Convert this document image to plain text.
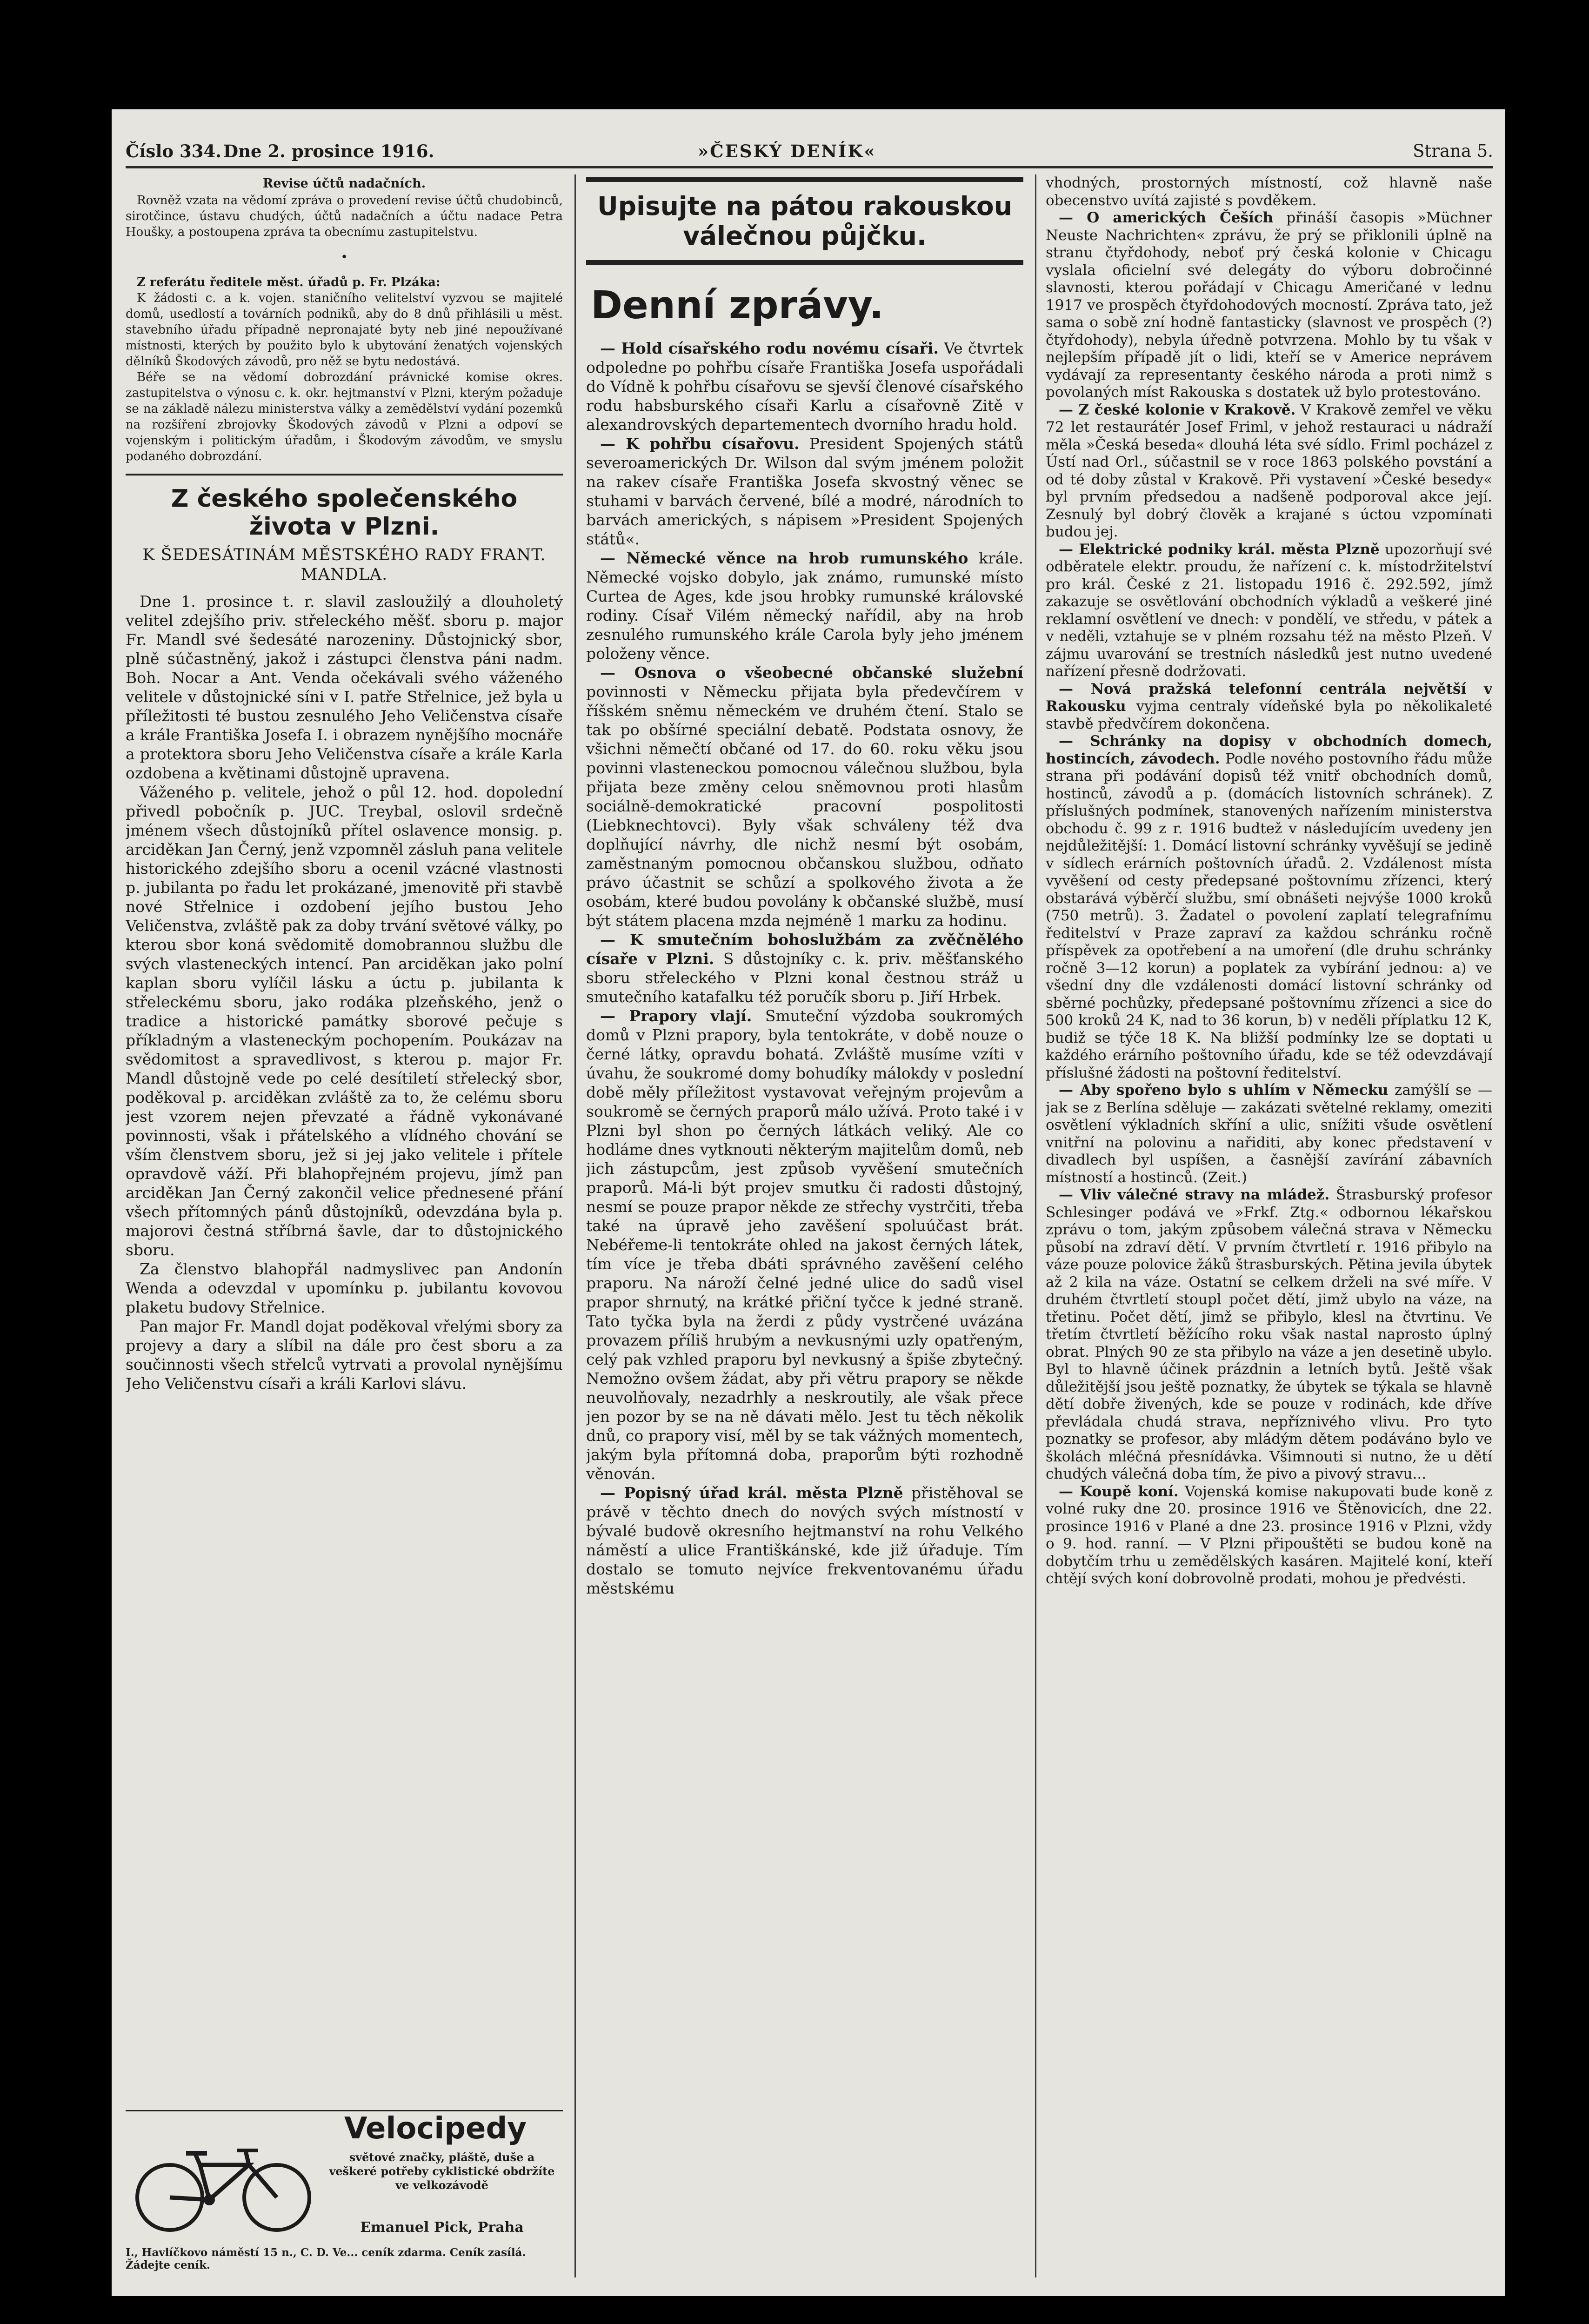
Číslo 334. Dne 2. prosince 1916.	»ČESKÝ DENÍK«	Strana 5.

Revise účtů nadačních.

Rovněž vzata na vědomí zpráva o provedení revise účtů chudobinců, sirotčince, ústavu chudých, účtů nadačních a účtu nadace Petra Houšky, a postoupena zpráva ta obecnímu zastupitelstvu.

•

Z referátu ředitele měst. úřadů p. Fr. Plzáka:

K žádosti c. a k. vojen. staničního velitelství vyzvou se majitelé domů, usedlostí a továrních podniků, aby do 8 dnů přihlásili u měst. stavebního úřadu případně nepronajaté byty neb jiné nepoužívané místnosti, kterých by použito bylo k ubytování ženatých vojenských dělníků Škodových závodů, pro něž se bytu nedostává.

Béře se na vědomí dobrozdání právnické komise okres. zastupitelstva o výnosu c. k. okr. hejtmanství v Plzni, kterým požaduje se na základě nálezu ministerstva války a zemědělství vydání pozemků na rozšíření zbrojovky Škodových závodů v Plzni a odpoví se vojenským i politickým úřadům, i Škodovým závodům, ve smyslu podaného dobrozdání.

Z českého společenského života v Plzni.

K ŠEDESÁTINÁM MĚSTSKÉHO RADY FRANT. MANDLA.

Dne 1. prosince t. r. slavil zasloužilý a dlouholetý velitel zdejšího priv. střeleckého měšť. sboru p. major Fr. Mandl své šedesáté narozeniny. Důstojnický sbor, plně súčastněný, jakož i zástupci členstva páni nadm. Boh. Nocar a Ant. Venda očekávali svého váženého velitele v důstojnické síni v I. patře Střelnice, jež byla u příležitosti té bustou zesnulého Jeho Veličenstva císaře a krále Františka Josefa I. i obrazem nynějšího mocnáře a protektora sboru Jeho Veličenstva císaře a krále Karla ozdobena a květinami důstojně upravena.

Váženého p. velitele, jehož o půl 12. hod. dopolední přivedl pobočník p. JUC. Treybal, oslovil srdečně jménem všech důstojníků přítel oslavence monsig. p. arciděkan Jan Černý, jenž vzpomněl zásluh pana velitele historického zdejšího sboru a ocenil vzácné vlastnosti p. jubilanta po řadu let prokázané, jmenovitě při stavbě nové Střelnice i ozdobení jejího bustou Jeho Veličenstva, zvláště pak za doby trvání světové války, po kterou sbor koná svědomitě domobrannou službu dle svých vlasteneckých intencí. Pan arciděkan jako polní kaplan sboru vylíčil lásku a úctu p. jubilanta k střeleckému sboru, jako rodáka plzeňského, jenž o tradice a historické památky sborové pečuje s příkladným a vlasteneckým pochopením. Poukázav na svědomitost a spravedlivost, s kterou p. major Fr. Mandl důstojně vede po celé desítiletí střelecký sbor, poděkoval p. arciděkan zvláště za to, že celému sboru jest vzorem nejen převzaté a řádně vykonávané povinnosti, však i přátelského a vlídného chování se vším členstvem sboru, jež si jej jako velitele i přítele opravdově váží. Při blahopřejném projevu, jímž pan arciděkan Jan Černý zakončil velice přednesené přání všech přítomných pánů důstojníků, odevzdána byla p. majorovi čestná stříbrná šavle, dar to důstojnického sboru.

Za členstvo blahopřál nadmyslivec pan Andonín Wenda a odevzdal v upomínku p. jubilantu kovovou plaketu budovy Střelnice.

Pan major Fr. Mandl dojat poděkoval vřelými sbory za projevy a dary a slíbil na dále pro čest sboru a za součinnosti všech střelců vytrvati a provolal nynějšímu Jeho Veličenstvu císaři a králi Karlovi slávu.

Velocipedy
světové značky, pláště, duše a veškeré potřeby cyklistické obdržíte ve velkozávodě
Emanuel Pick, Praha
I., Havlíčkovo náměstí 15 n., C. D. Ve... ceník zdarma. Ceník zasílá. Žádejte ceník.
Upisujte na pátou rakouskou válečnou půjčku.
Denní zprávy.

— Hold císařského rodu novému císaři. Ve čtvrtek odpoledne po pohřbu císaře Františka Josefa uspořádali do Vídně k pohřbu císařovu se sjevší členové císařského rodu habsburského císaři Karlu a císařovně Zitě v alexandrovských departementech dvorního hradu hold.

— K pohřbu císařovu. President Spojených států severoamerických Dr. Wilson dal svým jménem položit na rakev císaře Františka Josefa skvostný věnec se stuhami v barvách červené, bílé a modré, národních to barvách amerických, s nápisem »President Spojených států«.

— Německé věnce na hrob rumunského krále. Německé vojsko dobylo, jak známo, rumunské místo Curtea de Ages, kde jsou hrobky rumunské královské rodiny. Císař Vilém německý nařídil, aby na hrob zesnulého rumunského krále Carola byly jeho jménem položeny věnce.

— Osnova o všeobecné občanské služební povinnosti v Německu přijata byla předevčírem v říšském sněmu německém ve druhém čtení. Stalo se tak po obšírné speciální debatě. Podstata osnovy, že všichni němečtí občané od 17. do 60. roku věku jsou povinni vlasteneckou pomocnou válečnou službou, byla přijata beze změny celou sněmovnou proti hlasům sociálně-demokratické pracovní pospolitosti (Liebknechtovci). Byly však schváleny též dva doplňující návrhy, dle nichž nesmí být osobám, zaměstnaným pomocnou občanskou službou, odňato právo účastnit se schůzí a spolkového života a že osobám, které budou povolány k občanské službě, musí být státem placena mzda nejméně 1 marku za hodinu.

— K smutečním bohoslužbám za zvěčnělého císaře v Plzni. S důstojníky c. k. priv. měšťanského sboru střeleckého v Plzni konal čestnou stráž u smutečního katafalku též poručík sboru p. Jiří Hrbek.

— Prapory vlají. Smuteční výzdoba soukromých domů v Plzni prapory, byla tentokráte, v době nouze o černé látky, opravdu bohatá. Zvláště musíme vzíti v úvahu, že soukromé domy bohudíky málokdy v poslední době měly příležitost vystavovat veřejným projevům a soukromě se černých praporů málo užívá. Proto také i v Plzni byl shon po černých látkách veliký. Ale co hodláme dnes vytknouti některým majitelům domů, neb jich zástupcům, jest způsob vyvěšení smutečních praporů. Má-li být projev smutku či radosti důstojný, nesmí se pouze prapor někde ze střechy vystrčiti, třeba také na úpravě jeho zavěšení spoluúčast brát. Nebéřeme-li tentokráte ohled na jakost černých látek, tím více je třeba dbáti správného zavěšení celého praporu. Na nároží čelné jedné ulice do sadů visel prapor shrnutý, na krátké přiční tyčce k jedné straně. Tato tyčka byla na žerdi z půdy vystrčené uvázána provazem příliš hrubým a nevkusnými uzly opatřeným, celý pak vzhled praporu byl nevkusný a špiše zbytečný. Nemožno ovšem žádat, aby při větru prapory se někde neuvolňovaly, nezadrhly a neskroutily, ale však přece jen pozor by se na ně dávati mělo. Jest tu těch několik dnů, co prapory visí, měl by se tak vážných momentech, jakým byla přítomná doba, praporům býti rozhodně věnován.

— Popisný úřad král. města Plzně přistěhoval se právě v těchto dnech do nových svých místností v bývalé budově okresního hejtmanství na rohu Velkého náměstí a ulice Františkánské, kde již úřaduje. Tím dostalo se tomuto nejvíce frekventovanému úřadu městskému

vhodných, prostorných místností, což hlavně naše obecenstvo uvítá zajisté s povděkem.

— O amerických Češích přináší časopis »Müchner Neuste Nachrichten« zprávu, že prý se přiklonili úplně na stranu čtyřdohody, neboť prý česká kolonie v Chicagu vyslala oficielní své delegáty do výboru dobročinné slavnosti, kterou pořádají v Chicagu Američané v lednu 1917 ve prospěch čtyřdohodových mocností. Zpráva tato, jež sama o sobě zní hodně fantasticky (slavnost ve prospěch (?) čtyřdohody), nebyla úředně potvrzena. Mohlo by tu však v nejlepším případě jít o lidi, kteří se v Americe neprávem vydávají za representanty českého národa a proti nimž s povolaných míst Rakouska s dostatek už bylo protestováno.

— Z české kolonie v Krakově. V Krakově zemřel ve věku 72 let restaurátér Josef Friml, v jehož restauraci u nádraží měla »Česká beseda« dlouhá léta své sídlo. Friml pocházel z Ústí nad Orl., súčastnil se v roce 1863 polského povstání a od té doby zůstal v Krakově. Při vystavení »České besedy« byl prvním předsedou a nadšeně podporoval akce její. Zesnulý byl dobrý člověk a krajané s úctou vzpomínati budou jej.

— Elektrické podniky král. města Plzně upozorňují své odběratele elektr. proudu, že nařízení c. k. místodržitelství pro král. České z 21. listopadu 1916 č. 292.592, jímž zakazuje se osvětlování obchodních výkladů a veškeré jiné reklamní osvětlení ve dnech: v pondělí, ve středu, v pátek a v neděli, vztahuje se v plném rozsahu též na město Plzeň. V zájmu uvarování se trestních následků jest nutno uvedené nařízení přesně dodržovati.

— Nová pražská telefonní centrála největší v Rakousku vyjma centraly vídeňské byla po několikaleté stavbě předvčírem dokončena.

— Schránky na dopisy v obchodních domech, hostincích, závodech. Podle nového postovního řádu může strana při podávání dopisů též vnitř obchodních domů, hostinců, závodů a p. (domácích listovních schránek). Z příslušných podmínek, stanovených nařízením ministerstva obchodu č. 99 z r. 1916 budtež v následujícím uvedeny jen nejdůležitější: 1. Domácí listovní schránky vyvěšují se jedině v sídlech erárních poštovních úřadů. 2. Vzdálenost místa vyvěšení od cesty předepsané poštovnímu zřízenci, který obstarává výběrčí službu, smí obnášeti nejvýše 1000 kroků (750 metrů). 3. Žadatel o povolení zaplatí telegrafnímu ředitelství v Praze zapraví za každou schránku ročně příspěvek za opotřebení a na umoření (dle druhu schránky ročně 3—12 korun) a poplatek za vybírání jednou: a) ve všední dny dle vzdálenosti domácí listovní schránky od sběrné pochůzky, předepsané poštovnímu zřízenci a sice do 500 kroků 24 K, nad to 36 korun, b) v neděli příplatku 12 K, budiž se týče 18 K. Na bližší podmínky lze se doptati u každého erárního poštovního úřadu, kde se též odevzdávají příslušné žádosti na poštovní ředitelství.

— Aby spořeno bylo s uhlím v Německu zamýšlí se — jak se z Berlína sděluje — zakázati světelné reklamy, omeziti osvětlení výkladních skříní a ulic, snížiti všude osvětlení vnitřní na polovinu a nařiditi, aby konec představení v divadlech byl uspíšen, a časnější zavírání zábavních místností a hostinců. (Zeit.)

— Vliv válečné stravy na mládež. Štrasburský profesor Schlesinger podává ve »Frkf. Ztg.« odbornou lékařskou zprávu o tom, jakým způsobem válečná strava v Německu působí na zdraví dětí. V prvním čtvrtletí r. 1916 přibylo na váze pouze polovice žáků štrasburských. Pětina jevila úbytek až 2 kila na váze. Ostatní se celkem drželi na své míře. V druhém čtvrtletí stoupl počet dětí, jimž ubylo na váze, na třetinu. Počet dětí, jimž se přibylo, klesl na čtvrtinu. Ve třetím čtvrtletí běžícího roku však nastal naprosto úplný obrat. Plných 90 ze sta přibylo na váze a jen desetině ubylo. Byl to hlavně účinek prázdnin a letních bytů. Ještě však důležitější jsou ještě poznatky, že úbytek se týkala se hlavně dětí dobře živených, kde se pouze v rodinách, kde dříve převládala chudá strava, nepříznivého vlivu. Pro tyto poznatky se profesor, aby mládým dětem podáváno bylo ve školách mléčná přesnídávka. Všimnouti si nutno, že u dětí chudých válečná doba tím, že pivo a pivový stravu...

— Koupě koní. Vojenská komise nakupovati bude koně z volné ruky dne 20. prosince 1916 ve Štěnovicích, dne 22. prosince 1916 v Plané a dne 23. prosince 1916 v Plzni, vždy o 9. hod. ranní. — V Plzni připouštěti se budou koně na dobytčím trhu u zemědělských kasáren. Majitelé koní, kteří chtějí svých koní dobrovolně prodati, mohou je předvésti.
